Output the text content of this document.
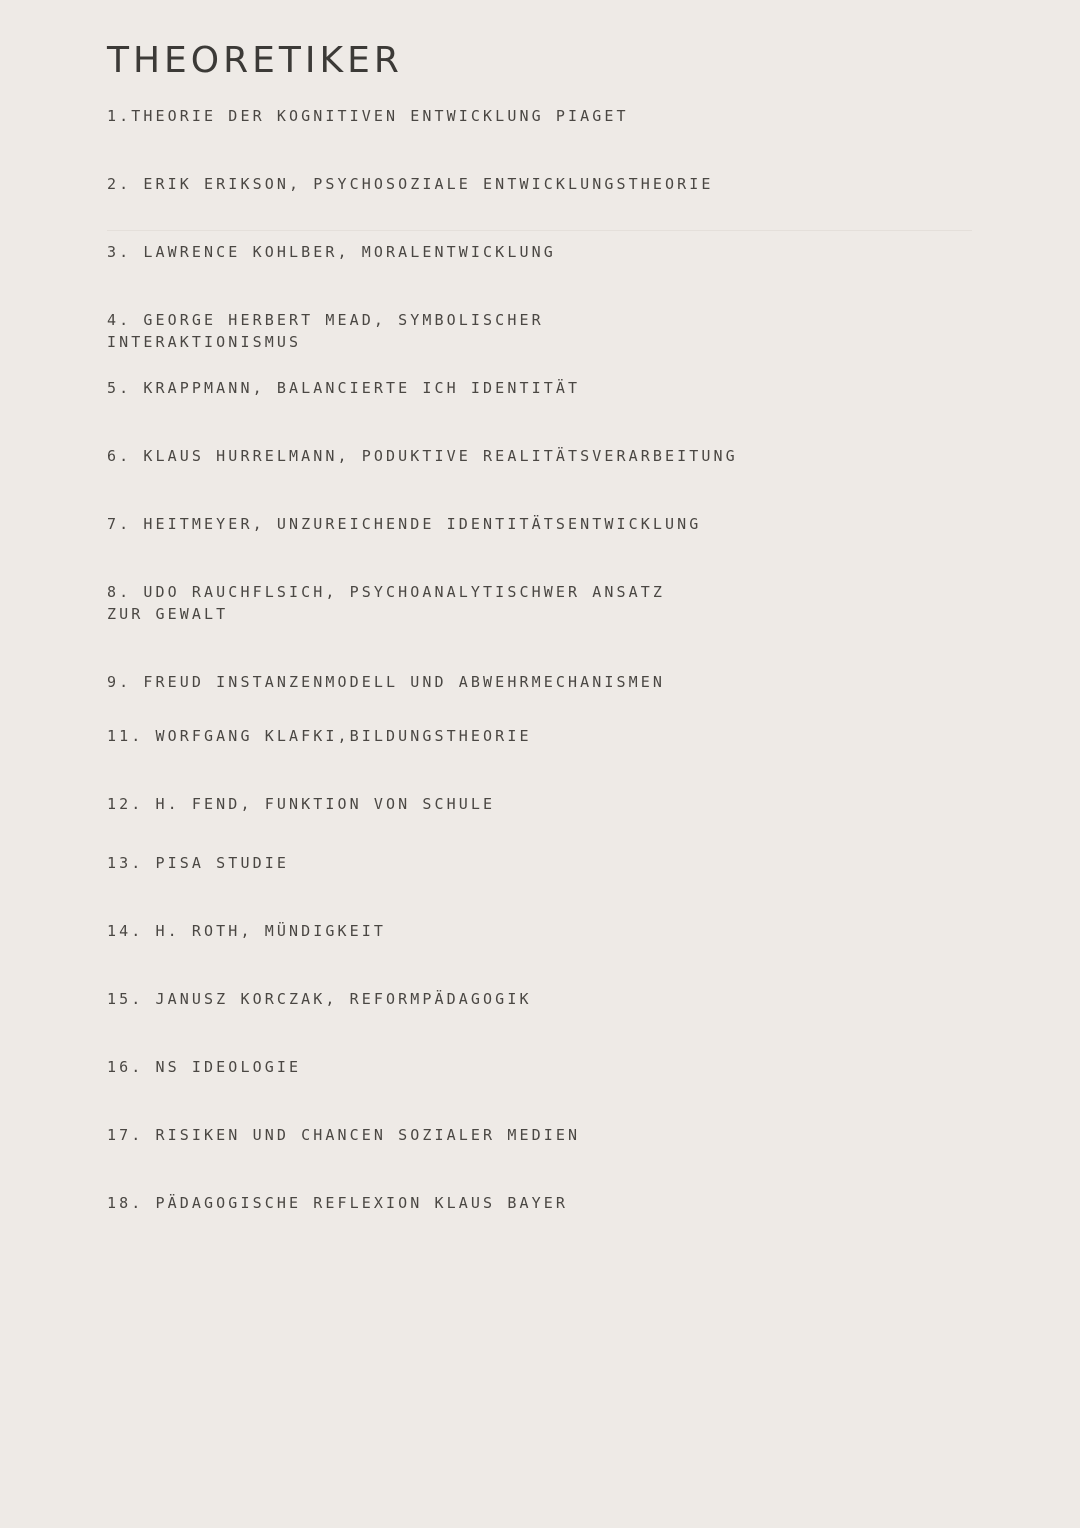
THEORETIKER
1.THEORIE DER KOGNITIVEN ENTWICKLUNG PIAGET
2. ERIK ERIKSON, PSYCHOSOZIALE ENTWICKLUNGSTHEORIE
3. LAWRENCE KOHLBER, MORALENTWICKLUNG
4. GEORGE HERBERT MEAD, SYMBOLISCHER INTERAKTIONISMUS
5. KRAPPMANN, BALANCIERTE ICH IDENTITÄT
6. KLAUS HURRELMANN, PODUKTIVE REALITÄTSVERARBEITUNG
7. HEITMEYER, UNZUREICHENDE IDENTITÄTSENTWICKLUNG
8. UDO RAUCHFLSICH, PSYCHOANALYTISCHWER ANSATZ ZUR GEWALT
9. FREUD INSTANZENMODELL UND ABWEHRMECHANISMEN
11. WORFGANG KLAFKI,BILDUNGSTHEORIE
12. H. FEND, FUNKTION VON SCHULE
13. PISA STUDIE
14. H. ROTH, MÜNDIGKEIT
15. JANUSZ KORCZAK, REFORMPÄDAGOGIK
16. NS IDEOLOGIE
17. RISIKEN UND CHANCEN SOZIALER MEDIEN
18. PÄDAGOGISCHE REFLEXION KLAUS BAYER
